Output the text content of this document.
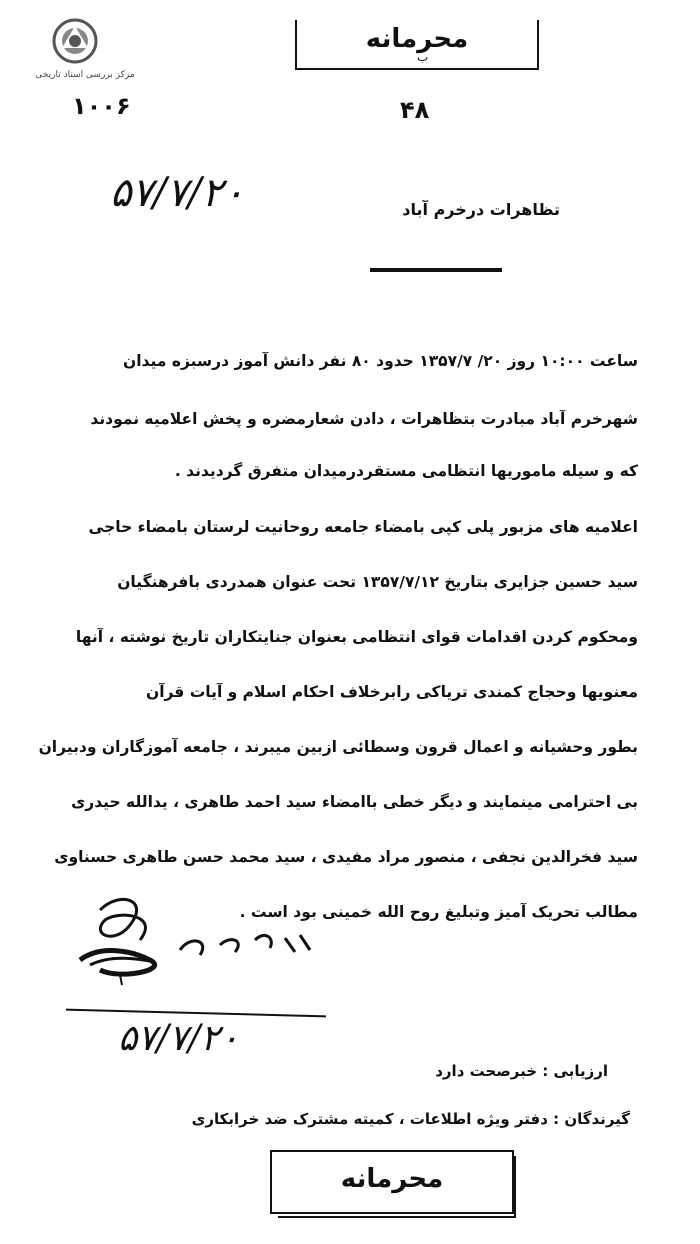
مرکز بررسی اسناد تاریخی
محرمانه
ب
۱۰۰۶	۴۸
۵۷/۷/۲۰	تظاهرات درخرم آباد
ساعت ۱۰:۰۰ روز ۲۰/ ۱۳۵۷/۷ حدود ۸۰ نفر دانش آموز درسبزه میدان
شهرخرم آباد مبادرت بتظاهرات ، دادن شعارمضره و پخش اعلامیه نمودند
که و سیله ماموریها انتظامی مستقردرمیدان متفرق گردیدند .
اعلامیه های مزبور پلی کپی بامضاء جامعه روحانیت لرستان بامضاء حاجی
سید حسین جزایری بتاریخ ۱۳۵۷/۷/۱۲ تحت عنوان همدردی بافرهنگیان
ومحکوم کردن اقدامات قوای انتظامی بعنوان جنایتکاران تاریخ نوشته ، آنها
معنویها وحجاج کمندی تریاکی رابرخلاف احکام اسلام و آیات قرآن
بطور وحشیانه و اعمال قرون وسطائی ازبین میبرند ، جامعه آموزگاران ودبیران
بی احترامی مینمایند و دیگر خطی باامضاء سید احمد طاهری ، یدالله حیدری
سید فخرالدین نجفی ، منصور مراد مفیدی ، سید محمد حسن طاهری حسناوی
مطالب تحریک آمیز وتبلیغ روح الله خمینی بود است .
۵۷/۷/۲۰
ارزیابی : خبرصحت دارد
گیرندگان : دفتر ویژه اطلاعات ، کمیته مشترک ضد خرابکاری
محرمانه
